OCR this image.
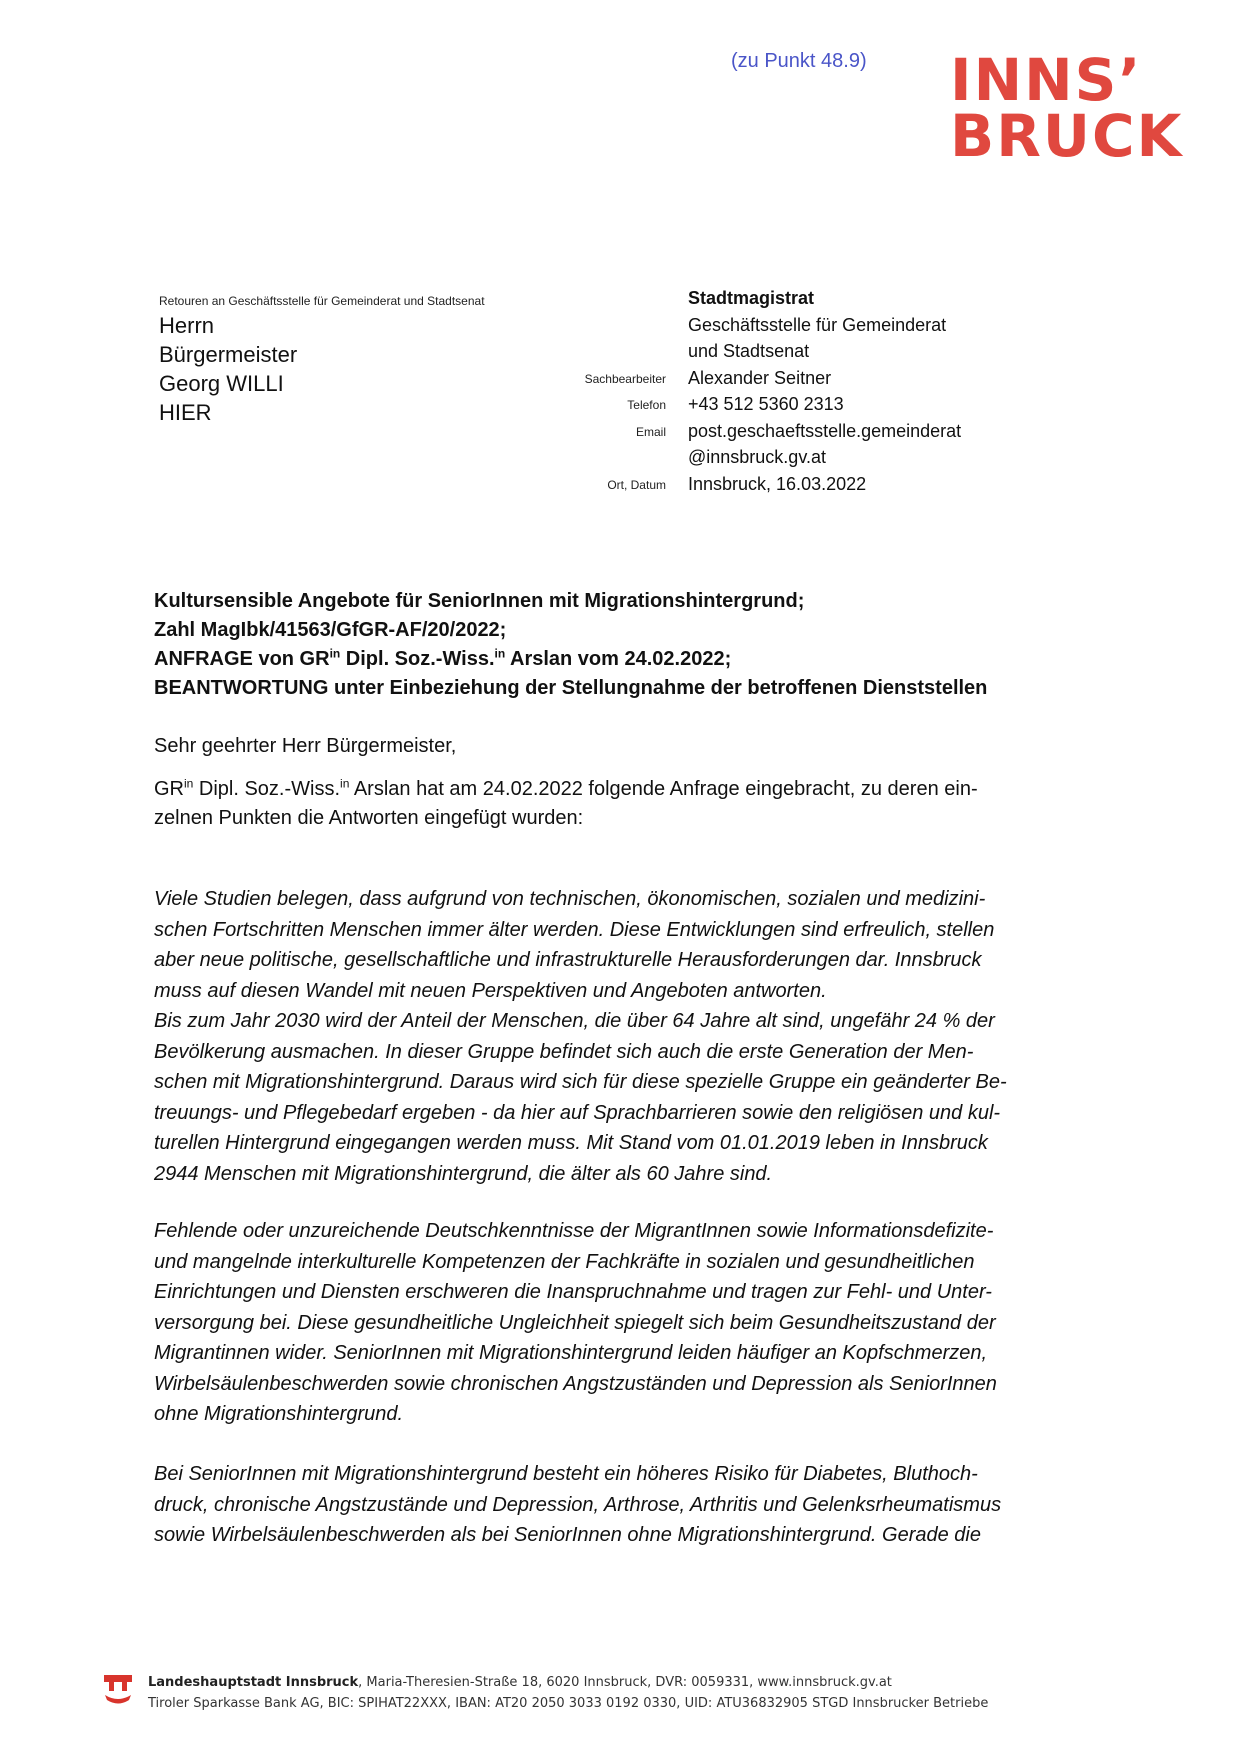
(zu Punkt 48.9) INNS’
BRUCK
Retouren an Geschäftsstelle für Gemeinderat und Stadtsenat
Herrn
Bürgermeister
Georg WILLI
HIER
Sachbearbeiter
Telefon
Email
Ort, Datum
Stadtmagistrat
Geschäftsstelle für Gemeinderat
und Stadtsenat
Alexander Seitner
+43 512 5360 2313
post.geschaeftsstelle.gemeinderat
@innsbruck.gv.at
Innsbruck, 16.03.2022
Kultursensible Angebote für SeniorInnen mit Migrationshintergrund;
Zahl MagIbk/41563/GfGR-AF/20/2022;
ANFRAGE von $GR^{in}$ Dipl. Soz.-Wiss.$^{in}$ Arslan vom 24.02.2022;
BEANTWORTUNG unter Einbeziehung der Stellungnahme der betroffenen Dienststellen
Sehr geehrter Herr Bürgermeister,
$GR^{in}$ Dipl. Soz.-Wiss.$^{in}$ Arslan hat am 24.02.2022 folgende Anfrage eingebracht, zu deren ein-
zelnen Punkten die Antworten eingefügt wurden:
Viele Studien belegen, dass aufgrund von technischen, ökonomischen, sozialen und medizini-
schen Fortschritten Menschen immer älter werden. Diese Entwicklungen sind erfreulich, stellen
aber neue politische, gesellschaftliche und infrastrukturelle Herausforderungen dar. Innsbruck
muss auf diesen Wandel mit neuen Perspektiven und Angeboten antworten.
Bis zum Jahr 2030 wird der Anteil der Menschen, die über 64 Jahre alt sind, ungefähr 24 % der
Bevölkerung ausmachen. In dieser Gruppe befindet sich auch die erste Generation der Men-
schen mit Migrationshintergrund. Daraus wird sich für diese spezielle Gruppe ein geänderter Be-
treuungs- und Pflegebedarf ergeben - da hier auf Sprachbarrieren sowie den religiösen und kul-
turellen Hintergrund eingegangen werden muss. Mit Stand vom 01.01.2019 leben in Innsbruck
2944 Menschen mit Migrationshintergrund, die älter als 60 Jahre sind.
Fehlende oder unzureichende Deutschkenntnisse der MigrantInnen sowie Informationsdefizite-
und mangelnde interkulturelle Kompetenzen der Fachkräfte in sozialen und gesundheitlichen
Einrichtungen und Diensten erschweren die Inanspruchnahme und tragen zur Fehl- und Unter-
versorgung bei. Diese gesundheitliche Ungleichheit spiegelt sich beim Gesundheitszustand der
Migrantinnen wider. SeniorInnen mit Migrationshintergrund leiden häufiger an Kopfschmerzen,
Wirbelsäulenbeschwerden sowie chronischen Angstzuständen und Depression als SeniorInnen
ohne Migrationshintergrund.
Bei SeniorInnen mit Migrationshintergrund besteht ein höheres Risiko für Diabetes, Bluthoch-
druck, chronische Angstzustände und Depression, Arthrose, Arthritis und Gelenksrheumatismus
sowie Wirbelsäulenbeschwerden als bei SeniorInnen ohne Migrationshintergrund. Gerade die
Landeshauptstadt Innsbruck, Maria-Theresien-Straße 18, 6020 Innsbruck, DVR: 0059331, www.innsbruck.gv.at
Tiroler Sparkasse Bank AG, BIC: SPIHAT22XXX, IBAN: AT20 2050 3033 0192 0330, UID: ATU36832905 STGD Innsbrucker Betriebe
